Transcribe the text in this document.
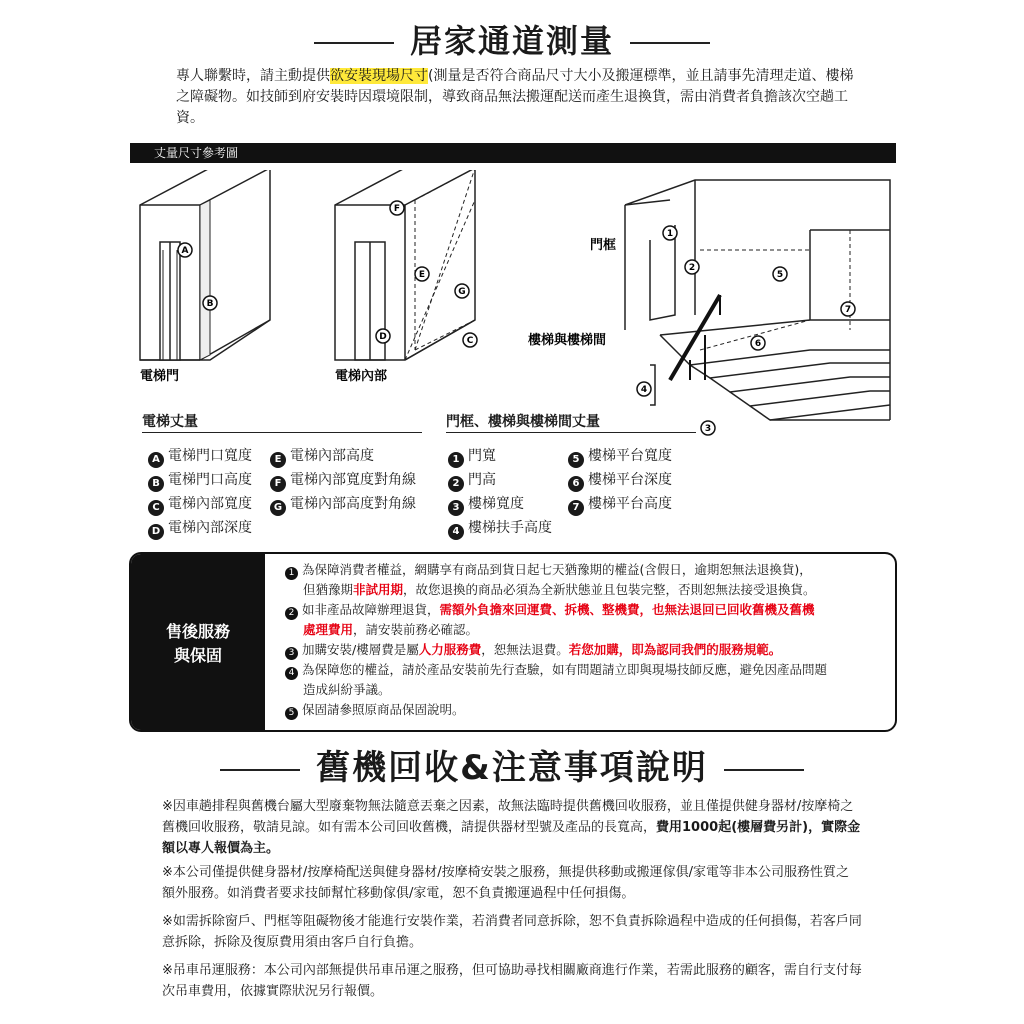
居家通道測量
專人聯繫時，請主動提供欲安裝現場尺寸(測量是否符合商品尺寸大小及搬運標準，並且請事先清理走道、樓梯之障礙物。如技師到府安裝時因環境限制，導致商品無法搬運配送而產生退換貨，需由消費者負擔該次空趟工資。
丈量尺寸參考圖
A
B
C
D
E
F
G
1
2
3
4
5
6
7
電梯門	電梯內部
門框
樓梯與樓梯間
電梯丈量	門框、樓梯與樓梯間丈量
A 電梯門口寬度
B 電梯門口高度
C 電梯內部寬度
D 電梯內部深度
E 電梯內部高度
F 電梯內部寬度對角線
G 電梯內部高度對角線
1 門寬
2 門高
3 樓梯寬度
4 樓梯扶手高度
5 樓梯平台寬度
6 樓梯平台深度
7 樓梯平台高度
售後服務
與保固

1 為保障消費者權益，網購享有商品到貨日起七天猶豫期的權益(含假日，逾期恕無法退換貨)，

但猶豫期非試用期，故您退換的商品必須為全新狀態並且包裝完整，否則恕無法接受退換貨。

2 如非產品故障辦理退貨，需額外負擔來回運費、拆機、整機費，也無法退回已回收舊機及舊機

處理費用，請安裝前務必確認。

3 加購安裝/樓層費是屬人力服務費，恕無法退費。若您加購，即為認同我們的服務規範。

4 為保障您的權益，請於產品安裝前先行查驗，如有問題請立即與現場技師反應，避免因產品問題

造成糾紛爭議。

5 保固請參照原商品保固說明。

舊機回收&注意事項說明
※因車趟排程與舊機台屬大型廢棄物無法隨意丟棄之因素，故無法臨時提供舊機回收服務，並且僅提供健身器材/按摩椅之舊機回收服務，敬請見諒。如有需本公司回收舊機，請提供器材型號及產品的長寬高，費用1000起(樓層費另計)，實際金額以專人報價為主。
※本公司僅提供健身器材/按摩椅配送與健身器材/按摩椅安裝之服務，無提供移動或搬運傢俱/家電等非本公司服務性質之額外服務。如消費者要求技師幫忙移動傢俱/家電，恕不負責搬運過程中任何損傷。
※如需拆除窗戶、門框等阻礙物後才能進行安裝作業，若消費者同意拆除，恕不負責拆除過程中造成的任何損傷，若客戶同意拆除，拆除及復原費用須由客戶自行負擔。
※吊車吊運服務：本公司內部無提供吊車吊運之服務，但可協助尋找相關廠商進行作業，若需此服務的顧客，需自行支付每次吊車費用，依據實際狀況另行報價。
